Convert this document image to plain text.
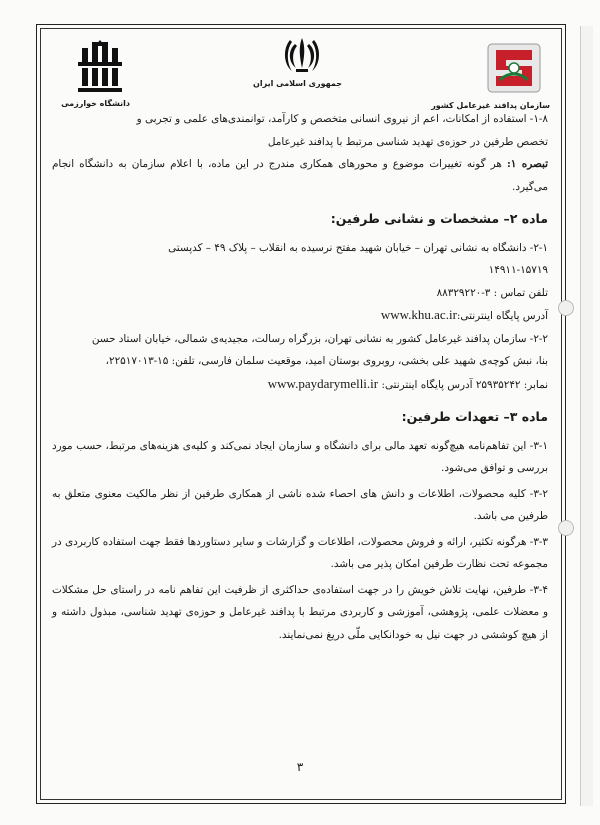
دانشگاه خوارزمی
جمهوری اسلامی ایران
سازمان پدافند غیرعامل کشور

۱-۸- استفاده از امکانات، اعم از نیروی انسانی متخصص و کارآمد، توانمندی‌های علمی و تجربی و

تخصص طرفین در حوزه‌ی تهدید شناسی مرتبط با پدافند غیرعامل

تبصره ۱: هر گونه تغییرات موضوع و محورهای همکاری مندرج در این ماده، با اعلام سازمان به دانشگاه انجام می‌گیرد.

ماده ۲– مشخصات و نشانی طرفین:

۲-۱- دانشگاه به نشانی تهران – خیابان شهید مفتح نرسیده به انقلاب – پلاک ۴۹ – کدپستی

۱۴۹۱۱-۱۵۷۱۹

تلفن تماس : ۳-۸۸۳۲۹۲۲۰

آدرس پایگاه اینترنتی:www.khu.ac.ir

۲-۲- سازمان پدافند غیرعامل کشور به نشانی تهران، بزرگراه رسالت، مجیدیه‌ی شمالی، خیابان استاد حسن

بنا، نبش کوچه‌ی شهید علی بخشی، روبروی بوستان امید، موقعیت سلمان فارسی، تلفن: ۱۵-۲۲۵۱۷۰۱۳،

نمابر: ۲۵۹۳۵۲۴۲ آدرس پایگاه اینترنتی: www.paydarymelli.ir

ماده ۳– تعهدات طرفین:

۳-۱- این تفاهم‌نامه هیچ‌گونه تعهد مالی برای دانشگاه و سازمان ایجاد نمی‌کند و کلیه‌ی هزینه‌های مرتبط، حسب مورد بررسی و توافق می‌شود.

۳-۲- کلیه محصولات، اطلاعات و دانش های احصاء شده ناشی از همکاری طرفین از نظر مالکیت معنوی متعلق به طرفین می باشد.

۳-۳- هرگونه تکثیر، ارائه و فروش محصولات، اطلاعات و گزارشات و سایر دستاوردها فقط جهت استفاده کاربردی در مجموعه تحت نظارت طرفین امکان پذیر می باشد.

۳-۴- طرفین، نهایت تلاش خویش را در جهت استفاده‌ی حداکثری از ظرفیت این تفاهم نامه در راستای حل مشکلات و معضلات علمی، پژوهشی، آموزشی و کاربردی مرتبط با پدافند غیرعامل و حوزه‌ی تهدید شناسی، مبذول داشته و از هیچ کوششی در جهت نیل به خودانکایی ملّی دریغ نمی‌نمایند.

۳
